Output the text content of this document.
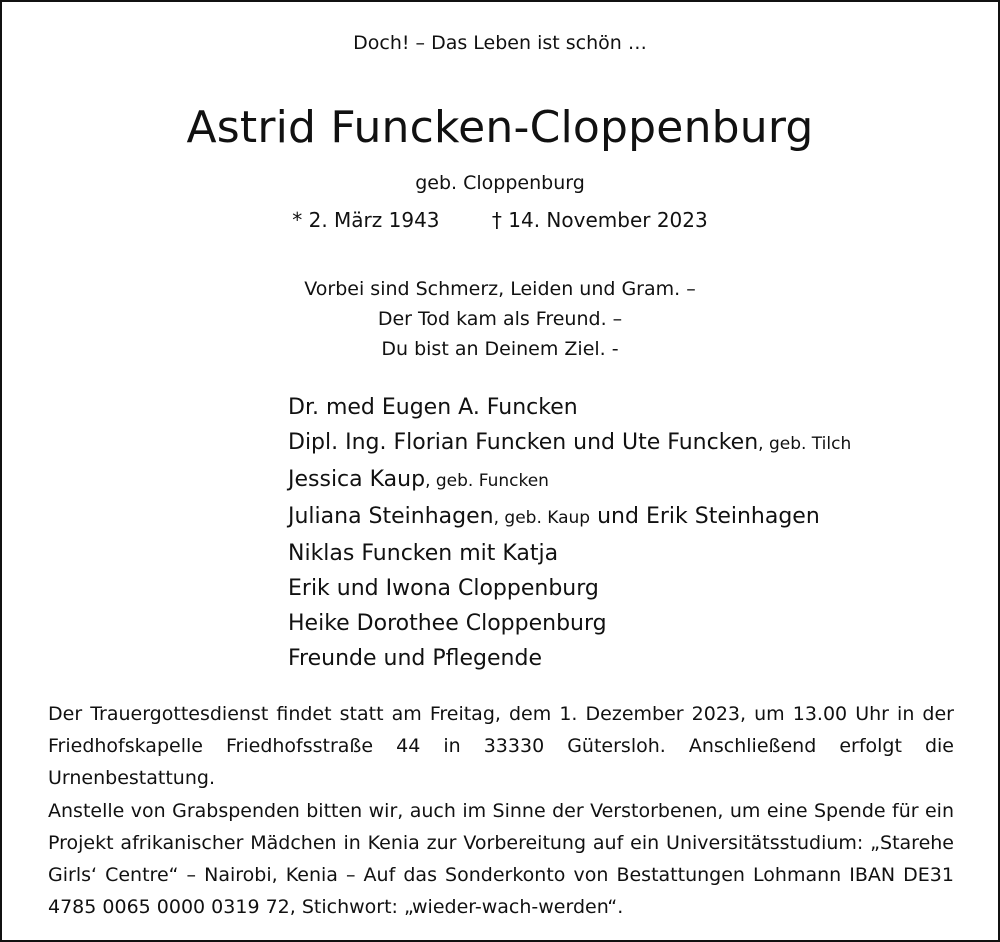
Doch! – Das Leben ist schön …
Astrid Funcken-Cloppenburg
geb. Cloppenburg
* 2. März 1943	† 14. November 2023
Vorbei sind Schmerz, Leiden und Gram. –
Der Tod kam als Freund. –
Du bist an Deinem Ziel. -
Dr. med Eugen A. Funcken
Dipl. Ing. Florian Funcken und Ute Funcken, geb. Tilch
Jessica Kaup, geb. Funcken
Juliana Steinhagen, geb. Kaup und Erik Steinhagen
Niklas Funcken mit Katja
Erik und Iwona Cloppenburg
Heike Dorothee Cloppenburg
Freunde und Pflegende
Der Trauergottesdienst findet statt am Freitag, dem 1. Dezember 2023, um 13.00 Uhr in der Friedhofskapelle Friedhofsstraße 44 in 33330 Gütersloh. Anschließend erfolgt die Urnenbestattung.
Anstelle von Grabspenden bitten wir, auch im Sinne der Verstorbenen, um eine Spende für ein Projekt afrikanischer Mädchen in Kenia zur Vorbereitung auf ein Universitätsstudium: „Starehe Girls‘ Centre“ – Nairobi, Kenia – Auf das Sonderkonto von Bestattungen Lohmann IBAN DE31 4785 0065 0000 0319 72, Stichwort: „wieder-wach-werden“.
